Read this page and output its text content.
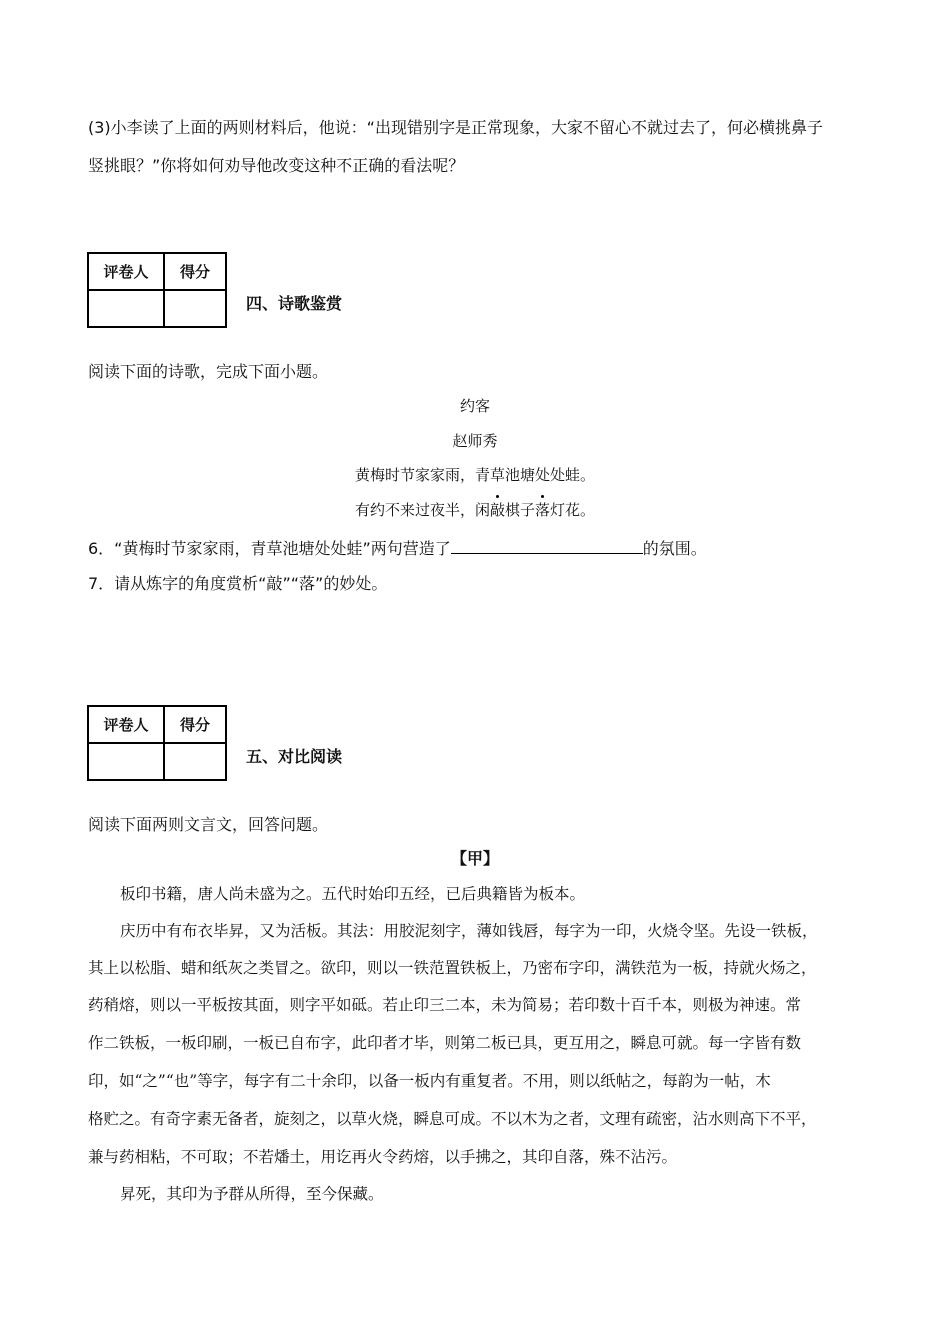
(3)小李读了上面的两则材料后，他说：“出现错别字是正常现象，大家不留心不就过去了，何必横挑鼻子
竖挑眼？”你将如何劝导他改变这种不正确的看法呢？
评卷人	得分

四、诗歌鉴赏
阅读下面的诗歌，完成下面小题。
约客
赵师秀
黄梅时节家家雨，青草池塘处处蛙。
有约不来过夜半，闲敲棋子落灯花。
6．“黄梅时节家家雨，青草池塘处处蛙”两句营造了	的氛围。
7．请从炼字的角度赏析“敲”“落”的妙处。
评卷人	得分

五、对比阅读
阅读下面两则文言文，回答问题。
【甲】
板印书籍，唐人尚未盛为之。五代时始印五经，已后典籍皆为板本。
庆历中有布衣毕昇，又为活板。其法：用胶泥刻字，薄如钱唇，每字为一印，火烧令坚。先设一铁板，
其上以松脂、蜡和纸灰之类冒之。欲印，则以一铁范置铁板上，乃密布字印，满铁范为一板，持就火炀之，
药稍熔，则以一平板按其面，则字平如砥。若止印三二本，未为简易；若印数十百千本，则极为神速。常
作二铁板，一板印刷，一板已自布字，此印者才毕，则第二板已具，更互用之，瞬息可就。每一字皆有数
印，如“之”“也”等字，每字有二十余印，以备一板内有重复者。不用，则以纸帖之，每韵为一帖，木
格贮之。有奇字素无备者，旋刻之，以草火烧，瞬息可成。不以木为之者，文理有疏密，沾水则高下不平，
兼与药相粘，不可取；不若燔土，用讫再火令药熔，以手拂之，其印自落，殊不沾污。
昇死，其印为予群从所得，至今保藏。
